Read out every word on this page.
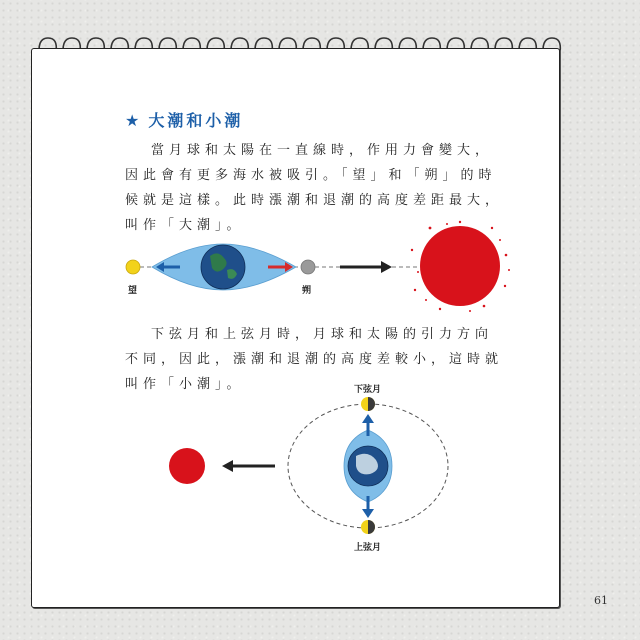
★ 大潮和小潮

當月球和太陽在一直線時，作用力會變大，因此會有更多海水被吸引。「望」和「朔」的時候就是這樣。此時漲潮和退潮的高度差距最大，叫作「大潮」。

望	朔

下弦月和上弦月時，月球和太陽的引力方向不同，因此，漲潮和退潮的高度差較小，這時就叫作「小潮」。	下弦月
上弦月
61
